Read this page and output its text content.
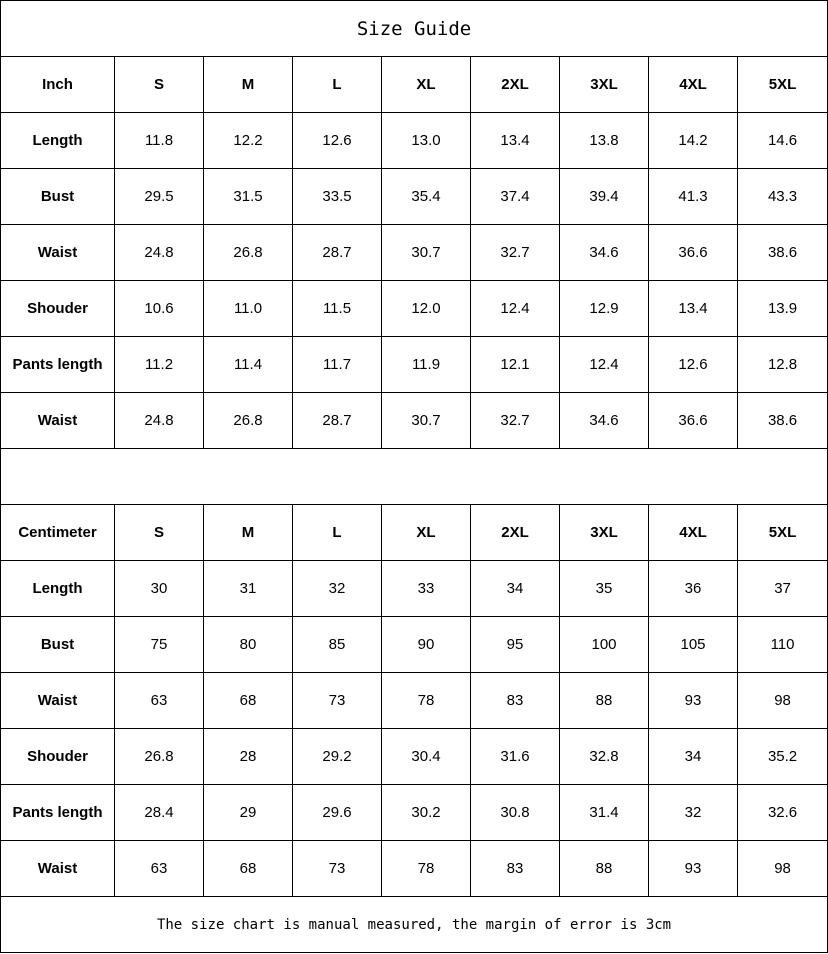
Size Guide								
Inch	S	M	L	XL	2XL	3XL	4XL	5XL
Length	11.8	12.2	12.6	13.0	13.4	13.8	14.2	14.6
Bust	29.5	31.5	33.5	35.4	37.4	39.4	41.3	43.3
Waist	24.8	26.8	28.7	30.7	32.7	34.6	36.6	38.6
Shouder	10.6	11.0	11.5	12.0	12.4	12.9	13.4	13.9
Pants length	11.2	11.4	11.7	11.9	12.1	12.4	12.6	12.8
Waist	24.8	26.8	28.7	30.7	32.7	34.6	36.6	38.6

Centimeter	S	M	L	XL	2XL	3XL	4XL	5XL
Length	30	31	32	33	34	35	36	37
Bust	75	80	85	90	95	100	105	110
Waist	63	68	73	78	83	88	93	98
Shouder	26.8	28	29.2	30.4	31.6	32.8	34	35.2
Pants length	28.4	29	29.6	30.2	30.8	31.4	32	32.6
Waist	63	68	73	78	83	88	93	98
The size chart is manual measured, the margin of error is 3cm								
